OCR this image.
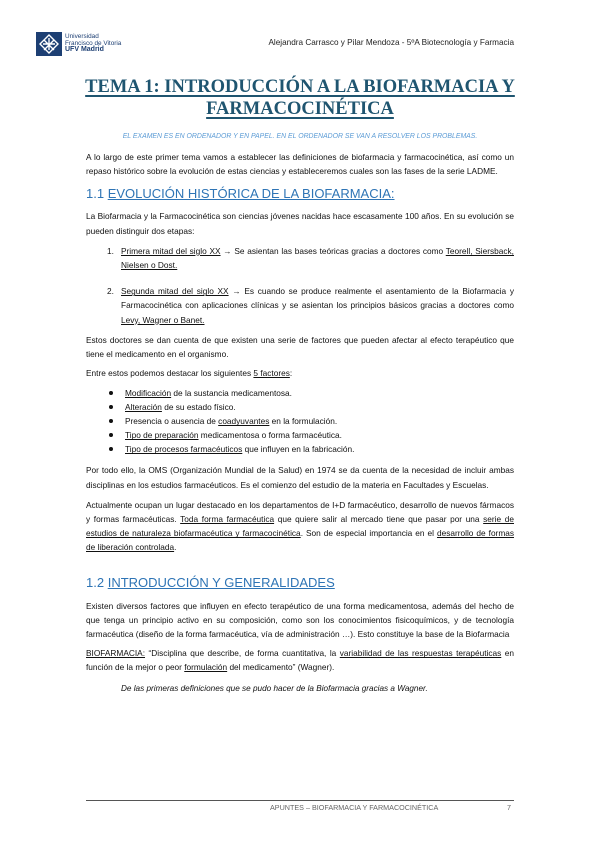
Universidad
Francisco de Vitoria
UFV Madrid
Alejandra Carrasco y Pilar Mendoza - 5ºA Biotecnología y Farmacia
TEMA 1: INTRODUCCIÓN A LA BIOFARMACIA Y
FARMACOCINÉTICA
EL EXAMEN ES EN ORDENADOR Y EN PAPEL. EN EL ORDENADOR SE VAN A RESOLVER LOS PROBLEMAS.
A lo largo de este primer tema vamos a establecer las definiciones de biofarmacia y farmacocinética, así como un repaso histórico sobre la evolución de estas ciencias y estableceremos cuales son las fases de la serie LADME.
1.1 EVOLUCIÓN HISTÓRICA DE LA BIOFARMACIA:
La Biofarmacia y la Farmacocinética son ciencias jóvenes nacidas hace escasamente 100 años. En su evolución se pueden distinguir dos etapas:
1. Primera mitad del siglo XX → Se asientan las bases teóricas gracias a doctores como Teorell, Siersback, Nielsen o Dost.
2. Segunda mitad del siglo XX → Es cuando se produce realmente el asentamiento de la Biofarmacia y Farmacocinética con aplicaciones clínicas y se asientan los principios básicos gracias a doctores como Levy, Wagner o Banet.
Estos doctores se dan cuenta de que existen una serie de factores que pueden afectar al efecto terapéutico que tiene el medicamento en el organismo.
Entre estos podemos destacar los siguientes 5 factores:
Modificación de la sustancia medicamentosa.
Alteración de su estado físico.
Presencia o ausencia de coadyuvantes en la formulación.
Tipo de preparación medicamentosa o forma farmacéutica.
Tipo de procesos farmacéuticos que influyen en la fabricación.
Por todo ello, la OMS (Organización Mundial de la Salud) en 1974 se da cuenta de la necesidad de incluir ambas disciplinas en los estudios farmacéuticos. Es el comienzo del estudio de la materia en Facultades y Escuelas.
Actualmente ocupan un lugar destacado en los departamentos de I+D farmacéutico, desarrollo de nuevos fármacos y formas farmacéuticas. Toda forma farmacéutica que quiere salir al mercado tiene que pasar por una serie de estudios de naturaleza biofarmacéutica y farmacocinética. Son de especial importancia en el desarrollo de formas de liberación controlada.
1.2 INTRODUCCIÓN Y GENERALIDADES
Existen diversos factores que influyen en efecto terapéutico de una forma medicamentosa, además del hecho de que tenga un principio activo en su composición, como son los conocimientos fisicoquímicos, y de tecnología farmacéutica (diseño de la forma farmacéutica, vía de administración …). Esto constituye la base de la Biofarmacia
BIOFARMACIA: “Disciplina que describe, de forma cuantitativa, la variabilidad de las respuestas terapéuticas en función de la mejor o peor formulación del medicamento” (Wagner).
De las primeras definiciones que se pudo hacer de la Biofarmacia gracias a Wagner.
APUNTES – BIOFARMACIA Y FARMACOCINÉTICA	7
